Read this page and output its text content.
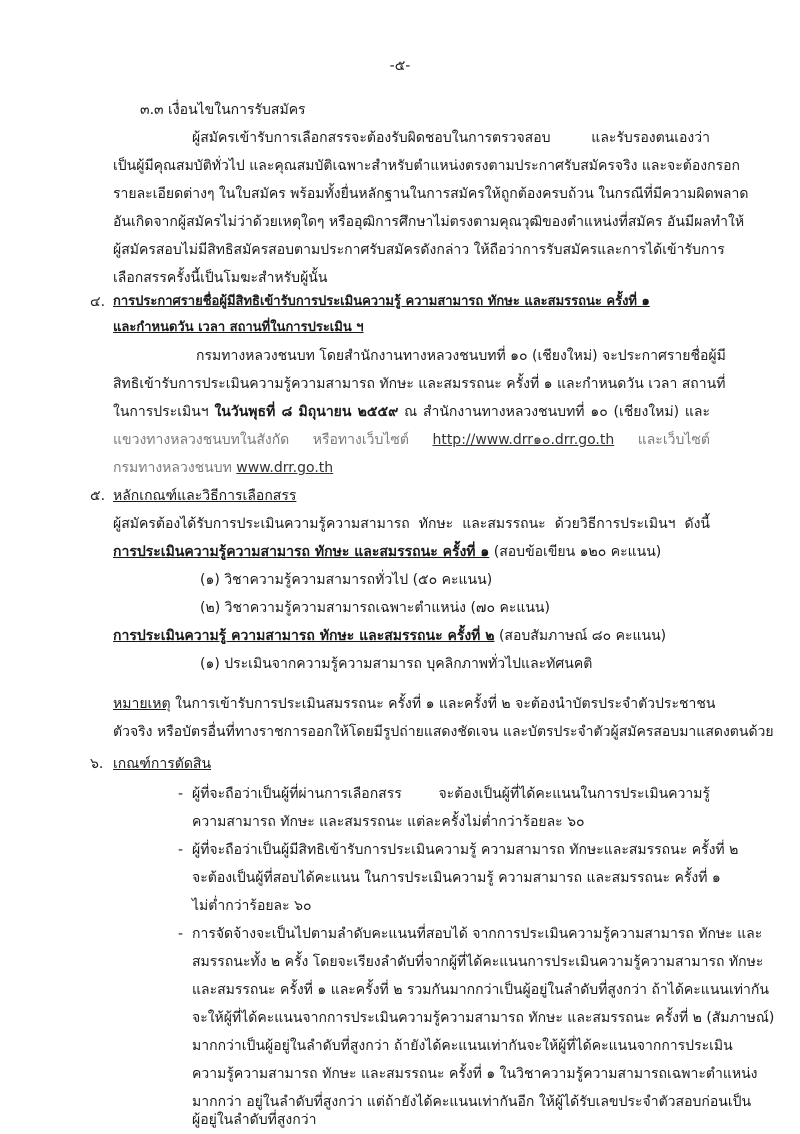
-๕-
๓.๓ เงื่อนไขในการรับสมัคร
ผู้สมัครเข้ารับการเลือกสรรจะต้องรับผิดชอบในการตรวจสอบ และรับรองตนเองว่า
เป็นผู้มีคุณสมบัติทั่วไป และคุณสมบัติเฉพาะสำหรับตำแหน่งตรงตามประกาศรับสมัครจริง และจะต้องกรอก
รายละเอียดต่างๆ ในใบสมัคร พร้อมทั้งยื่นหลักฐานในการสมัครให้ถูกต้องครบถ้วน ในกรณีที่มีความผิดพลาด
อันเกิดจากผู้สมัครไม่ว่าด้วยเหตุใดๆ หรืออุฒิการศึกษาไม่ตรงตามคุณวุฒิของตำแหน่งที่สมัคร อันมีผลทำให้
ผู้สมัครสอบไม่มีสิทธิสมัครสอบตามประกาศรับสมัครดังกล่าว ให้ถือว่าการรับสมัครและการได้เข้ารับการ
เลือกสรรครั้งนี้เป็นโมฆะสำหรับผู้นั้น
๔. การประกาศรายชื่อผู้มีสิทธิเข้ารับการประเมินความรู้ ความสามารถ ทักษะ และสมรรถนะ ครั้งที่ ๑
และกำหนดวัน เวลา สถานที่ในการประเมิน ฯ
กรมทางหลวงชนบท โดยสำนักงานทางหลวงชนบทที่ ๑๐ (เชียงใหม่) จะประกาศรายชื่อผู้มี
สิทธิเข้ารับการประเมินความรู้ความสามารถ ทักษะ และสมรรถนะ ครั้งที่ ๑ และกำหนดวัน เวลา สถานที่
ในการประเมินฯ ในวันพุธที่ ๘ มิถุนายน ๒๕๕๙ ณ สำนักงานทางหลวงชนบทที่ ๑๐ (เชียงใหม่) และ
แขวงทางหลวงชนบทในสังกัด หรือทางเว็บไซต์ http://www.drr๑๐.drr.go.th และเว็บไซต์
กรมทางหลวงชนบท www.drr.go.th
๕. หลักเกณฑ์และวิธีการเลือกสรร
ผู้สมัครต้องได้รับการประเมินความรู้ความสามารถ ทักษะ และสมรรถนะ ด้วยวิธีการประเมินฯ ดังนี้
การประเมินความรู้ความสามารถ ทักษะ และสมรรถนะ ครั้งที่ ๑ (สอบข้อเขียน ๑๒๐ คะแนน)
(๑) วิชาความรู้ความสามารถทั่วไป (๕๐ คะแนน)
(๒) วิชาความรู้ความสามารถเฉพาะตำแหน่ง (๗๐ คะแนน)
การประเมินความรู้ ความสามารถ ทักษะ และสมรรถนะ ครั้งที่ ๒ (สอบสัมภาษณ์ ๘๐ คะแนน)
(๑) ประเมินจากความรู้ความสามารถ บุคลิกภาพทั่วไปและทัศนคติ
หมายเหตุ ในการเข้ารับการประเมินสมรรถนะ ครั้งที่ ๑ และครั้งที่ ๒ จะต้องนำบัตรประจำตัวประชาชน
ตัวจริง หรือบัตรอื่นที่ทางราชการออกให้โดยมีรูปถ่ายแสดงชัดเจน และบัตรประจำตัวผู้สมัครสอบมาแสดงตนด้วย
๖. เกณฑ์การตัดสิน
- ผู้ที่จะถือว่าเป็นผู้ที่ผ่านการเลือกสรร จะต้องเป็นผู้ที่ได้คะแนนในการประเมินความรู้
ความสามารถ ทักษะ และสมรรถนะ แต่ละครั้งไม่ต่ำกว่าร้อยละ ๖๐
- ผู้ที่จะถือว่าเป็นผู้มีสิทธิเข้ารับการประเมินความรู้ ความสามารถ ทักษะและสมรรถนะ ครั้งที่ ๒
จะต้องเป็นผู้ที่สอบได้คะแนน ในการประเมินความรู้ ความสามารถ และสมรรถนะ ครั้งที่ ๑
ไม่ต่ำกว่าร้อยละ ๖๐
- การจัดจ้างจะเป็นไปตามลำดับคะแนนที่สอบได้ จากการประเมินความรู้ความสามารถ ทักษะ และ
สมรรถนะทั้ง ๒ ครั้ง โดยจะเรียงลำดับที่จากผู้ที่ได้คะแนนการประเมินความรู้ความสามารถ ทักษะ
และสมรรถนะ ครั้งที่ ๑ และครั้งที่ ๒ รวมกันมากกว่าเป็นผู้อยู่ในลำดับที่สูงกว่า ถ้าได้คะแนนเท่ากัน
จะให้ผู้ที่ได้คะแนนจากการประเมินความรู้ความสามารถ ทักษะ และสมรรถนะ ครั้งที่ ๒ (สัมภาษณ์)
มากกว่าเป็นผู้อยู่ในลำดับที่สูงกว่า ถ้ายังได้คะแนนเท่ากันจะให้ผู้ที่ได้คะแนนจากการประเมิน
ความรู้ความสามารถ ทักษะ และสมรรถนะ ครั้งที่ ๑ ในวิชาความรู้ความสามารถเฉพาะตำแหน่ง
มากกว่า อยู่ในลำดับที่สูงกว่า แต่ถ้ายังได้คะแนนเท่ากันอีก ให้ผู้ได้รับเลขประจำตัวสอบก่อนเป็น
ผู้อยู่ในลำดับที่สูงกว่า
